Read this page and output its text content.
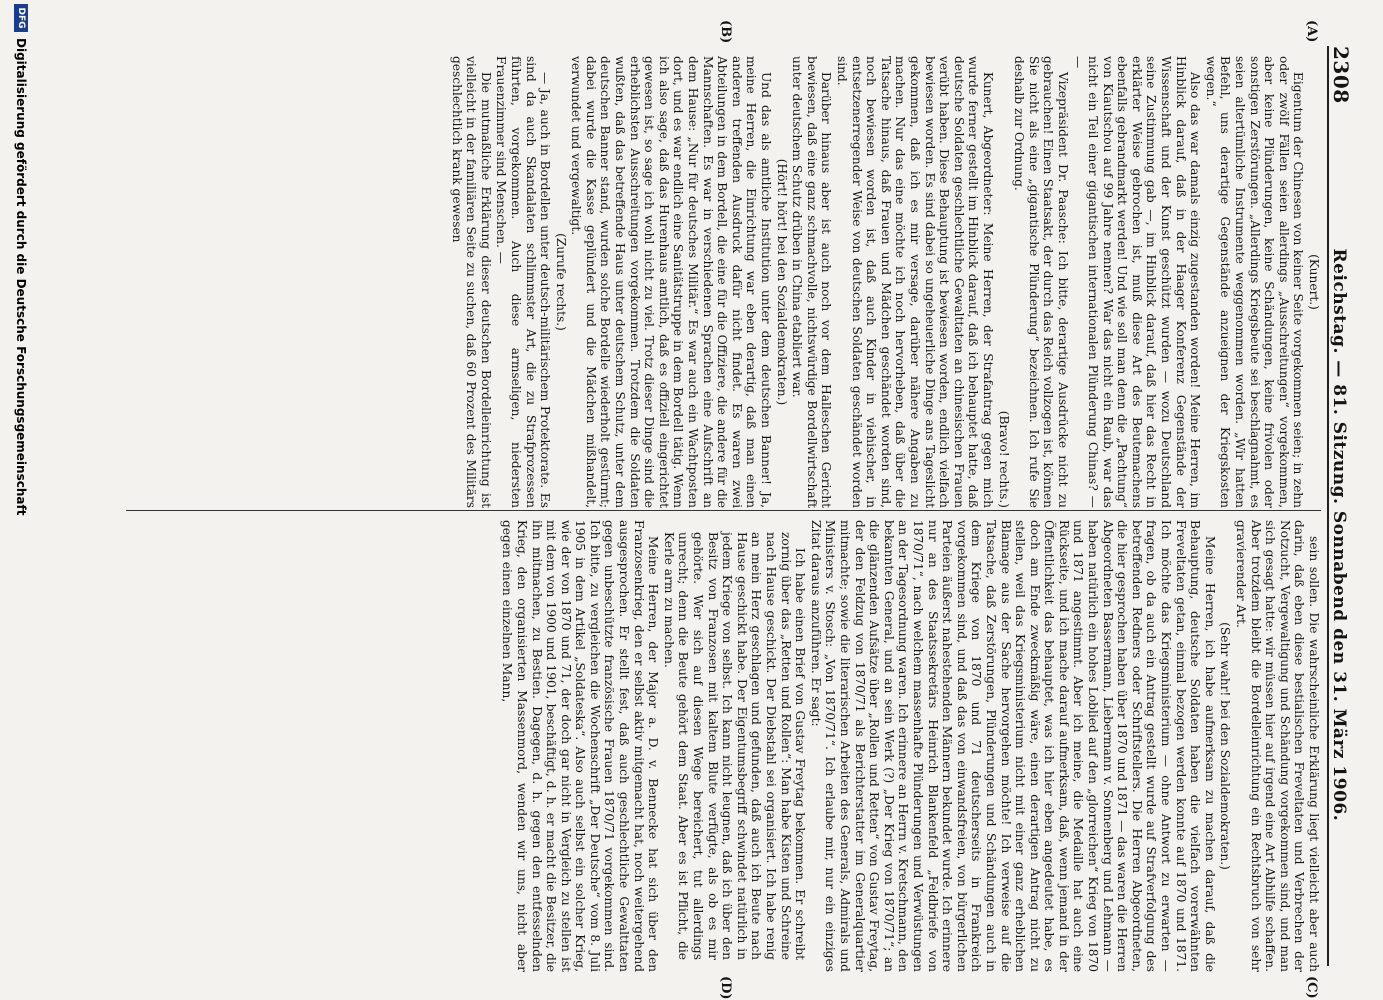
2308
Reichstag. — 81. Sitzung. Sonnabend den 31. März 1906.
(A)
(B)
(C)
(D)

(Kunert.)

Eigentum der Chinesen von keiner Seite vorgekommen seien; in zehn oder zwölf Fällen seien allerdings „Ausschreitungen“ vorgekommen, aber keine Plünderungen, keine Schändungen, keine frivolen oder sonstigen Zerstörungen. „Allerdings Kriegsbeute sei beschlagnahmt, es seien altertümliche Instrumente weggenommen worden. „Wir hatten Befehl, uns derartige Gegenstände anzueignen der Kriegskosten wegen.“

Also das war damals einzig zugestanden worden! Meine Herren, im Hinblick darauf, daß in der Haager Konferenz Gegenstände der Wissenschaft und der Kunst geschützt wurden — wozu Deutschland seine Zustimmung gab —, im Hinblick darauf, daß hier das Recht in erklärter Weise gebrochen ist, muß diese Art des Beutemachens ebenfalls gebrandmarkt werden! Und wie soll man denn die „Pachtung“ von Kiautschou auf 99 Jahre nennen? War das nicht ein Raub, war das nicht ein Teil einer gigantischen internationalen Plünderung Chinas? — —

Vizepräsident Dr. Paasche: Ich bitte, derartige Ausdrücke nicht zu gebrauchen! Einen Staatsakt, der durch das Reich vollzogen ist, können Sie nicht als eine „gigantische Plünderung“ bezeichnen. Ich rufe Sie deshalb zur Ordnung.

(Bravo! rechts.)

Kunert, Abgeordneter: Meine Herren, der Strafantrag gegen mich wurde ferner gestellt im Hinblick darauf, daß ich behauptet hatte, daß deutsche Soldaten geschlechtliche Gewalttaten an chinesischen Frauen verübt haben. Diese Behauptung ist bewiesen worden, endlich vielfach bewiesen worden. Es sind dabei so ungeheuerliche Dinge ans Tageslicht gekommen, daß ich es mir versage, darüber nähere Angaben zu machen. Nur das eine möchte ich noch hervorheben, daß über die Tatsache hinaus, daß Frauen und Mädchen geschändet worden sind, noch bewiesen worden ist, daß auch Kinder in viehischer, in entsetzenerregender Weise von deutschen Soldaten geschändet worden sind.

Darüber hinaus aber ist auch noch vor dem Halleschen Gericht bewiesen, daß eine ganz schmachvolle, nichtswürdige Bordellwirtschaft unter deutschem Schutz drüben in China etabliert war.

(Hört! hört! bei den Sozialdemokraten.)

Und das als amtliche Institution unter dem deutschen Banner! Ja, meine Herren, die Einrichtung war eben derartig, daß man einen anderen treffenden Ausdruck dafür nicht findet. Es waren zwei Abteilungen in dem Bordell, die eine für die Offiziere, die andere für die Mannschaften. Es war in verschiedenen Sprachen eine Aufschrift an dem Hause: „Nur für deutsches Militär.“ Es war auch ein Wachtposten dort, und es war endlich eine Sanitätstruppe in dem Bordell tätig. Wenn ich also sage, daß das Hurenhaus amtlich, daß es offiziell eingerichtet gewesen ist, so sage ich wohl nicht zu viel. Trotz dieser Dinge sind die erheblichsten Ausschreitungen vorgekommen. Trotzdem die Soldaten wußten, daß das betreffende Haus unter deutschem Schutz, unter dem deutschen Banner stand, wurden solche Bordelle wiederholt gestürmt; dabei wurde die Kasse geplündert und die Mädchen mißhandelt, verwundet und vergewaltigt.

(Zurufe rechts.)

— Ja, auch in Bordellen unter deutsch-militärischem Protektorate. Es sind da auch Skandalaten schlimmster Art, die zu Strafprozessen führten, vorgekommen. Auch diese armseligen, niedersten Frauenzimmer sind Menschen. —

Die mutmaßliche Erklärung dieser deutschen Bordelleinrichtung ist vielleicht in der familiären Seite zu suchen, daß 60 Prozent des Militärs geschlechtlich krank gewesen

sein sollen. Die wahrscheinliche Erklärung liegt vielleicht aber auch darin, daß eben diese bestialischen Freveltaten und Verbrechen der Notzucht, Vergewaltigung und Schändung vorgekommen sind, und man sich gesagt hatte: wir müssen hier auf irgend eine Art Abhilfe schaffen. Aber trotzdem bleibt die Bordelleinrichtung ein Rechtsbruch von sehr gravierender Art.

(Sehr wahr! bei den Sozialdemokraten.)

Meine Herren, ich habe aufmerksam zu machen darauf, daß die Behauptung, deutsche Soldaten haben die vielfach vorerwähnten Freveltaten getan, einmal bezogen werden konnte auf 1870 und 1871. Ich möchte das Kriegsministerium — ohne Antwort zu erwarten — fragen, ob da auch ein Antrag gestellt wurde auf Strafverfolgung des betreffenden Redners oder Schriftstellers. Die Herren Abgeordneten, die hier gesprochen haben über 1870 und 1871 — das waren die Herren Abgeordneten Bassermann, Liebermann v. Sonnenberg und Lehmann — haben natürlich ein hohes Loblied auf den „glorreichen“ Krieg von 1870 und 1871 angestimmt. Aber ich meine, die Medaille hat auch eine Rückseite, und ich mache darauf aufmerksam, daß, wenn jemand in der Öffentlichkeit das behauptet, was ich hier eben angedeutet habe, es doch am Ende zweckmäßig wäre, einen derartigen Antrag nicht zu stellen, weil das Kriegsministerium nicht mit einer ganz erheblichen Blamage aus der Sache hervorgehen möchte! Ich verweise auf die Tatsache, daß Zerstörungen, Plünderungen und Schändungen auch in dem Kriege von 1870 und 71 deutscherseits in Frankreich vorgekommen sind, und daß das von einwandsfreien, von bürgerlichen Parteien äußerst nahestehenden Männern bekundet wurde. Ich erinnere nur an des Staatssekretärs Heinrich Blankenfeld „Feldbriefe von 1870/71“, nach welchem massenhafte Plünderungen und Verwüstungen an der Tagesordnung waren. Ich erinnere an Herrn v. Kretschmann, den bekannten General, und an sein Werk (?) „Der Krieg von 1870/71“; an die glänzenden Aufsätze über „Rollen und Retten“ von Gustav Freytag, der den Feldzug von 1870/71 als Berichterstatter im Generalquartier mitmachte; sowie die literarischen Arbeiten des Generals, Admirals und Ministers v. Stosch: „Von 1870/71“. Ich erlaube mir, nur ein einziges Zitat daraus anzuführen. Er sagt:

Ich habe einen Brief von Gustav Freytag bekommen. Er schreibt zornig über das „Retten und Rollen“: Man habe Kisten und Schreine nach Hause geschickt. Der Diebstahl sei organisiert. Ich habe renig an mein Herz geschlagen und gefunden, daß auch ich Beute nach Hause geschickt habe. Der Eigentumsbegriff schwindet natürlich in jedem Kriege von selbst. Ich kann nicht leugnen, daß ich über den Besitz von Franzosen mit kaltem Blute verfügte, als ob es mir gehörte. Wer sich auf diesen Wege bereichert, tut allerdings unrecht; denn die Beute gehört dem Staat. Aber es ist Pflicht, die Kerle arm zu machen.

Meine Herren, der Major a. D. v. Bennecke hat sich über den Franzosenkrieg, den er selbst aktiv mitgemacht hat, noch weitergehend ausgesprochen. Er stellt fest, daß auch geschlechtliche Gewalttaten gegen unbeschützte französische Frauen 1870/71 vorgekommen sind. Ich bitte, zu vergleichen die Wochenschrift „Der Deutsche“ vom 8. Juli 1905 in dem Artikel „Soldateska“. Also auch selbst ein solcher Krieg, wie der von 1870 und 71, der doch gar nicht in Vergleich zu stellen ist mit dem von 1900 und 1901, beschäftigt, d. h. er macht die Besitzer, die ihn mitmachen, zu Bestien. Dagegen, d. h. gegen den entfesselnden Krieg, den organisierten Massenmord, wenden wir uns, nicht aber gegen einen einzelnen Mann,

DFG
Digitalisierung gefördert durch die Deutsche Forschungsgemeinschaft
